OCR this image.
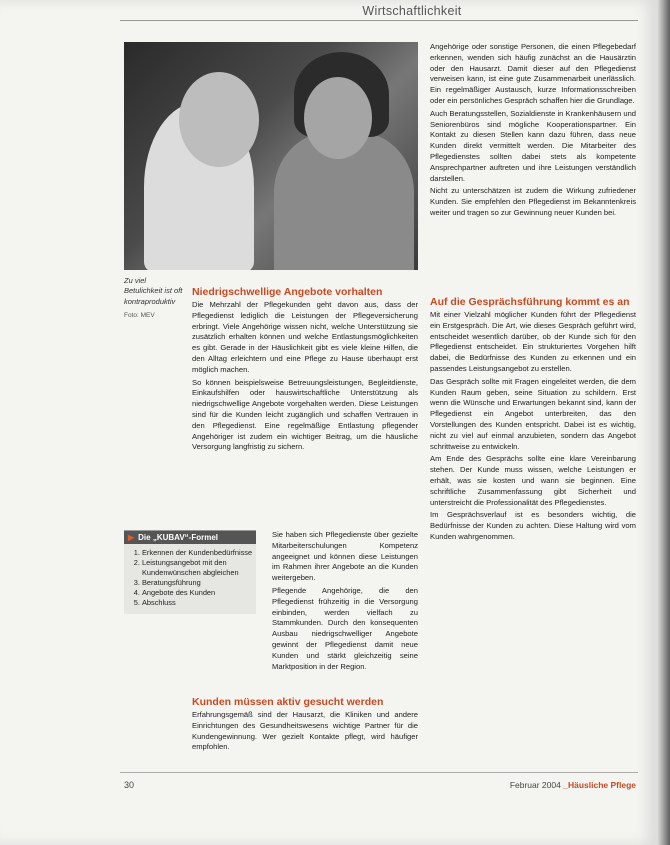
Wirtschaftlichkeit
Zu viel Betulichkeit ist oft kontraproduktiv
Foto: MEV
Niedrigschwellige Angebote vorhalten

Die Mehrzahl der Pflegekunden geht davon aus, dass der Pflegedienst lediglich die Leistungen der Pflegeversicherung erbringt. Viele Angehörige wissen nicht, welche Unterstützung sie zusätzlich erhalten können und welche Entlastungsmöglichkeiten es gibt. Gerade in der Häuslichkeit gibt es viele kleine Hilfen, die den Alltag erleichtern und eine Pflege zu Hause überhaupt erst möglich machen.

So können beispielsweise Betreuungsleistungen, Begleitdienste, Einkaufshilfen oder hauswirtschaftliche Unterstützung als niedrigschwellige Angebote vorgehalten werden. Diese Leistungen sind für die Kunden leicht zugänglich und schaffen Vertrauen in den Pflegedienst. Eine regelmäßige Entlastung pflegender Angehöriger ist zudem ein wichtiger Beitrag, um die häusliche Versorgung langfristig zu sichern.

▶ Die „KUBAV“-Formel
1. Erkennen der Kundenbedürfnisse
2. Leistungsangebot mit den Kundenwünschen abgleichen
3. Beratungsführung
4. Angebote des Kunden
5. Abschluss

Sie haben sich Pflegedienste über gezielte Mitarbeiterschulungen Kompetenz angeeignet und können diese Leistungen im Rahmen ihrer Angebote an die Kunden weitergeben.

Pflegende Angehörige, die den Pflegedienst frühzeitig in die Versorgung einbinden, werden vielfach zu Stammkunden. Durch den konsequenten Ausbau niedrigschwelliger Angebote gewinnt der Pflegedienst damit neue Kunden und stärkt gleichzeitig seine Marktposition in der Region.

Kunden müssen aktiv gesucht werden

Erfahrungsgemäß sind der Hausarzt, die Kliniken und andere Einrichtungen des Gesundheitswesens wichtige Partner für die Kundengewinnung. Wer gezielt Kontakte pflegt, wird häufiger empfohlen.

Angehörige oder sonstige Personen, die einen Pflegebedarf erkennen, wenden sich häufig zunächst an die Hausärztin oder den Hausarzt. Damit dieser auf den Pflegedienst verweisen kann, ist eine gute Zusammenarbeit unerlässlich. Ein regelmäßiger Austausch, kurze Informationsschreiben oder ein persönliches Gespräch schaffen hier die Grundlage.

Auch Beratungsstellen, Sozialdienste in Krankenhäusern und Seniorenbüros sind mögliche Kooperationspartner. Ein Kontakt zu diesen Stellen kann dazu führen, dass neue Kunden direkt vermittelt werden. Die Mitarbeiter des Pflegedienstes sollten dabei stets als kompetente Ansprechpartner auftreten und ihre Leistungen verständlich darstellen.

Nicht zu unterschätzen ist zudem die Wirkung zufriedener Kunden. Sie empfehlen den Pflegedienst im Bekanntenkreis weiter und tragen so zur Gewinnung neuer Kunden bei.

Auf die Gesprächsführung kommt es an

Mit einer Vielzahl möglicher Kunden führt der Pflegedienst ein Erstgespräch. Die Art, wie dieses Gespräch geführt wird, entscheidet wesentlich darüber, ob der Kunde sich für den Pflegedienst entscheidet. Ein strukturiertes Vorgehen hilft dabei, die Bedürfnisse des Kunden zu erkennen und ein passendes Leistungsangebot zu erstellen.

Das Gespräch sollte mit Fragen eingeleitet werden, die dem Kunden Raum geben, seine Situation zu schildern. Erst wenn die Wünsche und Erwartungen bekannt sind, kann der Pflegedienst ein Angebot unterbreiten, das den Vorstellungen des Kunden entspricht. Dabei ist es wichtig, nicht zu viel auf einmal anzubieten, sondern das Angebot schrittweise zu entwickeln.

Am Ende des Gesprächs sollte eine klare Vereinbarung stehen. Der Kunde muss wissen, welche Leistungen er erhält, was sie kosten und wann sie beginnen. Eine schriftliche Zusammenfassung gibt Sicherheit und unterstreicht die Professionalität des Pflegedienstes.

Im Gesprächsverlauf ist es besonders wichtig, die Bedürfnisse der Kunden zu achten. Diese Haltung wird vom Kunden wahrgenommen.

30	Februar 2004 _Häusliche Pflege
